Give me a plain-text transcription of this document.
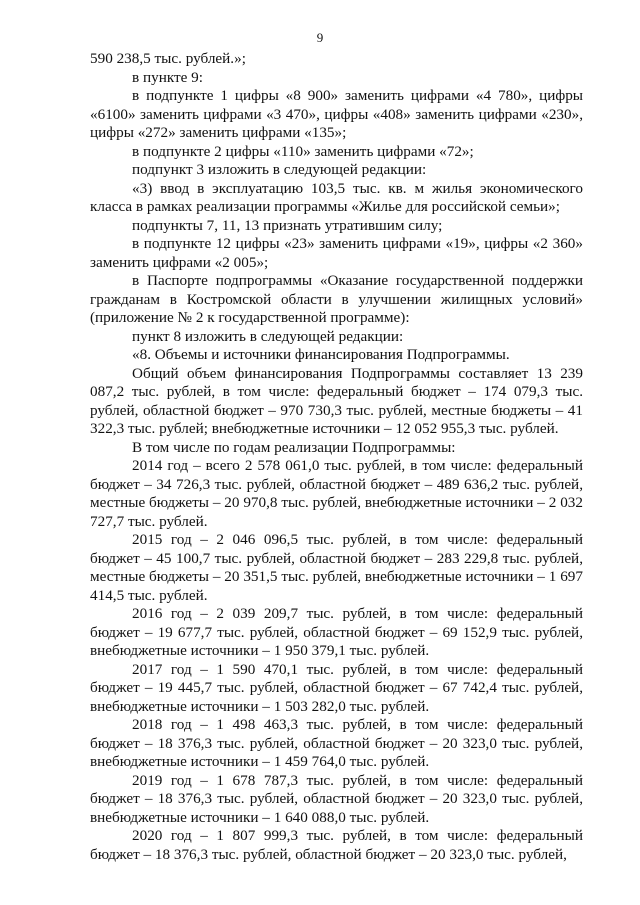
9

590 238,5 тыс. рублей.»;

в пункте 9:

в подпункте 1 цифры «8 900» заменить цифрами «4 780», цифры «6100» заменить цифрами «3 470», цифры «408» заменить цифрами «230», цифры «272» заменить цифрами «135»;

в подпункте 2 цифры «110» заменить цифрами «72»;

подпункт 3 изложить в следующей редакции:

«3) ввод в эксплуатацию 103,5 тыс. кв. м жилья экономического класса в рамках реализации программы «Жилье для российской семьи»;

подпункты 7, 11, 13 признать утратившим силу;

в подпункте 12 цифры «23» заменить цифрами «19», цифры «2 360» заменить цифрами «2 005»;

в Паспорте подпрограммы «Оказание государственной поддержки гражданам в Костромской области в улучшении жилищных условий» (приложение № 2 к государственной программе):

пункт 8 изложить в следующей редакции:

«8. Объемы и источники финансирования Подпрограммы.

Общий объем финансирования Подпрограммы составляет 13 239 087,2 тыс. рублей, в том числе: федеральный бюджет – 174 079,3 тыс. рублей, областной бюджет – 970 730,3 тыс. рублей, местные бюджеты – 41 322,3 тыс. рублей; внебюджетные источники – 12 052 955,3 тыс. рублей.

В том числе по годам реализации Подпрограммы:

2014 год – всего 2 578 061,0 тыс. рублей, в том числе: федеральный бюджет – 34 726,3 тыс. рублей, областной бюджет – 489 636,2 тыс. рублей, местные бюджеты – 20 970,8 тыс. рублей, внебюджетные источники – 2 032 727,7 тыс. рублей.

2015 год – 2 046 096,5 тыс. рублей, в том числе: федеральный бюджет – 45 100,7 тыс. рублей, областной бюджет – 283 229,8 тыс. рублей, местные бюджеты – 20 351,5 тыс. рублей, внебюджетные источники – 1 697 414,5 тыс. рублей.

2016 год – 2 039 209,7 тыс. рублей, в том числе: федеральный бюджет – 19 677,7 тыс. рублей, областной бюджет – 69 152,9 тыс. рублей, внебюджетные источники – 1 950 379,1 тыс. рублей.

2017 год – 1 590 470,1 тыс. рублей, в том числе: федеральный бюджет – 19 445,7 тыс. рублей, областной бюджет – 67 742,4 тыс. рублей, внебюджетные источники – 1 503 282,0 тыс. рублей.

2018 год – 1 498 463,3 тыс. рублей, в том числе: федеральный бюджет – 18 376,3 тыс. рублей, областной бюджет – 20 323,0 тыс. рублей, внебюджетные источники – 1 459 764,0 тыс. рублей.

2019 год – 1 678 787,3 тыс. рублей, в том числе: федеральный бюджет – 18 376,3 тыс. рублей, областной бюджет – 20 323,0 тыс. рублей, внебюджетные источники – 1 640 088,0 тыс. рублей.

2020 год – 1 807 999,3 тыс. рублей, в том числе: федеральный бюджет – 18 376,3 тыс. рублей, областной бюджет – 20 323,0 тыс. рублей,
